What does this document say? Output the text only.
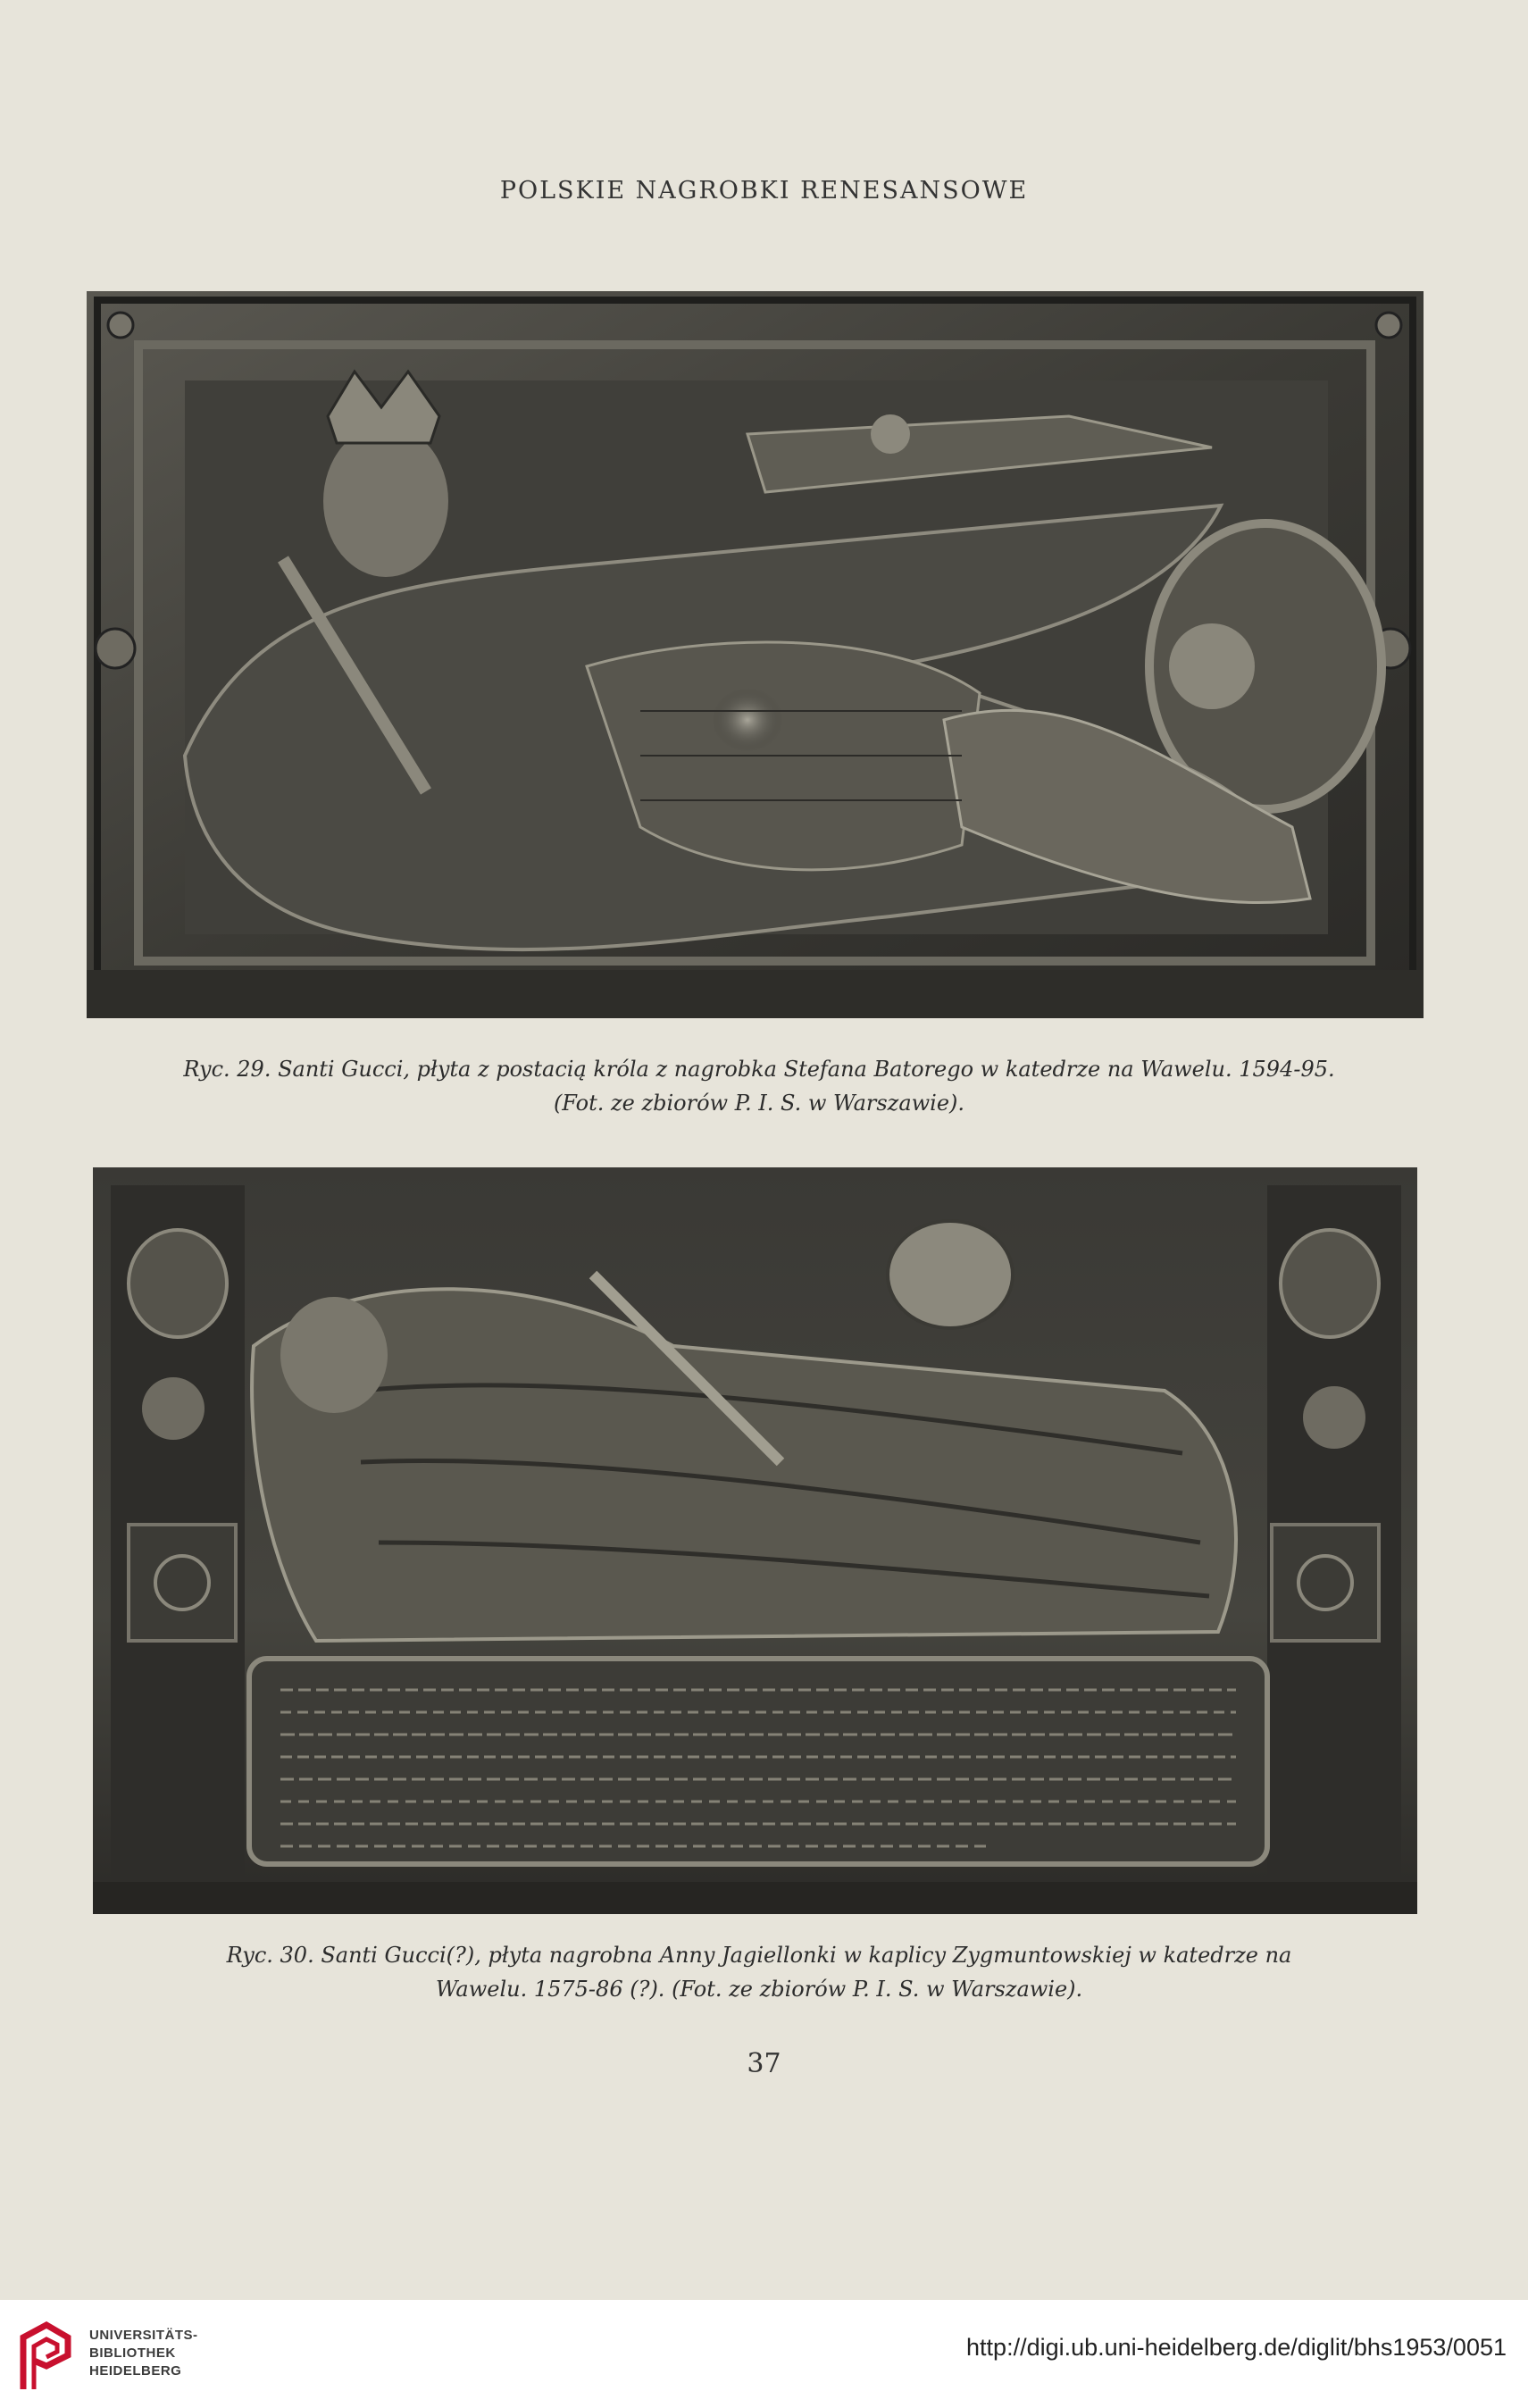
POLSKIE NAGROBKI RENESANSOWE
Ryc. 29. Santi Gucci, płyta z postacią króla z nagrobka Stefana Batorego w katedrze na Wawelu. 1594-95.
(Fot. ze zbiorów P. I. S. w Warszawie).
Ryc. 30. Santi Gucci(?), płyta nagrobna Anny Jagiellonki w kaplicy Zygmuntowskiej w katedrze na
Wawelu. 1575-86 (?). (Fot. ze zbiorów P. I. S. w Warszawie).
37
UNIVERSITÄTS-
BIBLIOTHEK
HEIDELBERG
http://digi.ub.uni-heidelberg.de/diglit/bhs1953/0051
